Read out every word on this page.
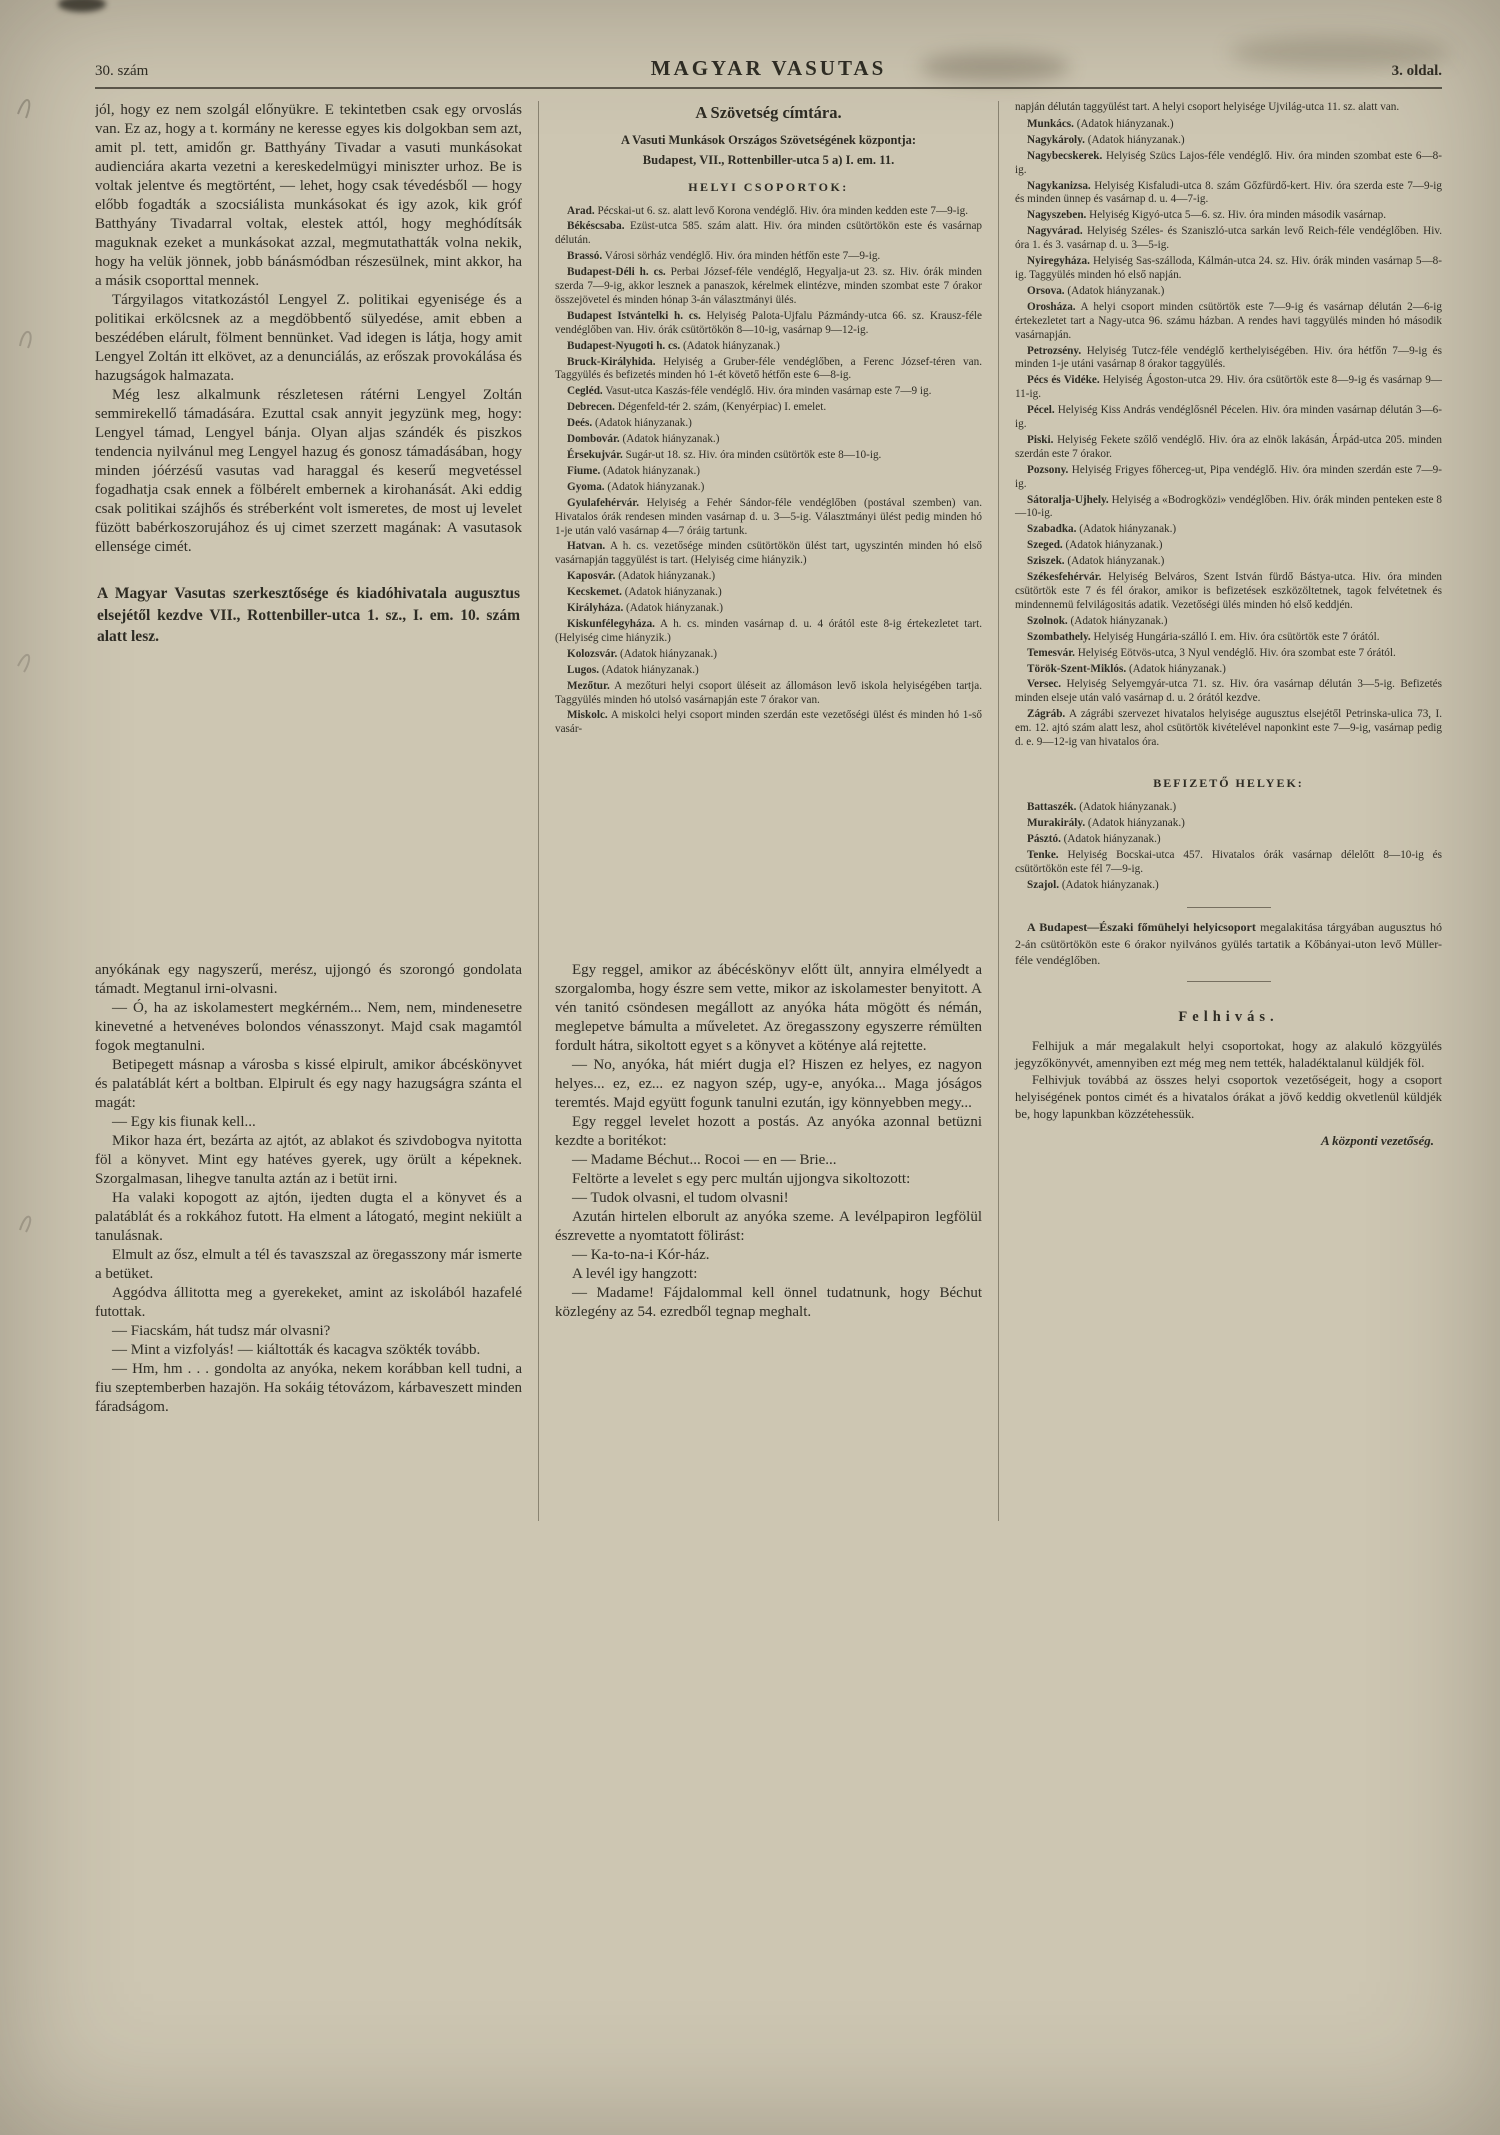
30. szám	MAGYAR VASUTAS	3. oldal.

jól, hogy ez nem szolgál előnyükre. E tekintetben csak egy orvoslás van. Ez az, hogy a t. kormány ne keresse egyes kis dolgokban sem azt, amit pl. tett, amidőn gr. Batthyány Tivadar a vasuti munkásokat audienciára akarta vezetni a kereskedelmügyi miniszter urhoz. Be is voltak jelentve és megtörtént, — lehet, hogy csak tévedésből — hogy előbb fogadták a szocsiálista munkásokat és igy azok, kik gróf Batthyány Tivadarral voltak, elestek attól, hogy meghódítsák maguknak ezeket a munkásokat azzal, megmutathatták volna nekik, hogy ha velük jönnek, jobb bánásmódban részesülnek, mint akkor, ha a másik csoporttal mennek.

Tárgyilagos vitatkozástól Lengyel Z. politikai egyenisége és a politikai erkölcsnek az a megdöbbentő sülyedése, amit ebben a beszédében elárult, fölment bennünket. Vad idegen is látja, hogy amit Lengyel Zoltán itt elkövet, az a denunciálás, az erőszak provokálása és hazugságok halmazata.

Még lesz alkalmunk részletesen rátérni Lengyel Zoltán semmirekellő támadására. Ezuttal csak annyit jegyzünk meg, hogy: Lengyel támad, Lengyel bánja. Olyan aljas szándék és piszkos tendencia nyilvánul meg Lengyel hazug és gonosz támadásában, hogy minden jóérzésű vasutas vad haraggal és keserű megvetéssel fogadhatja csak ennek a fölbérelt embernek a kirohanását. Aki eddig csak politikai szájhős és stréberként volt ismeretes, de most uj levelet füzött babérkoszorujához és uj cimet szerzett magának: A vasutasok ellensége cimét.

A Magyar Vasutas szerkesztősége és kiadóhivatala augusztus elsejétől kezdve VII., Rottenbiller-utca 1. sz., I. em. 10. szám alatt lesz.

anyókának egy nagyszerű, merész, ujjongó és szorongó gondolata támadt. Megtanul irni-olvasni.

— Ó, ha az iskolamestert megkérném... Nem, nem, mindenesetre kinevetné a hetvenéves bolondos vénasszonyt. Majd csak magamtól fogok megtanulni.

Betipegett másnap a városba s kissé elpirult, amikor ábcéskönyvet és palatáblát kért a boltban. Elpirult és egy nagy hazugságra szánta el magát:

— Egy kis fiunak kell...

Mikor haza ért, bezárta az ajtót, az ablakot és szivdobogva nyitotta föl a könyvet. Mint egy hatéves gyerek, ugy örült a képeknek. Szorgalmasan, lihegve tanulta aztán az i betüt irni.

Ha valaki kopogott az ajtón, ijedten dugta el a könyvet és a palatáblát és a rokkához futott. Ha elment a látogató, megint nekiült a tanulásnak.

Elmult az ősz, elmult a tél és tavaszszal az öregasszony már ismerte a betüket.

Aggódva állitotta meg a gyerekeket, amint az iskolából hazafelé futottak.

— Fiacskám, hát tudsz már olvasni?

— Mint a vizfolyás! — kiáltották és kacagva szökték tovább.

— Hm, hm . . . gondolta az anyóka, nekem korábban kell tudni, a fiu szeptemberben hazajön. Ha sokáig tétovázom, kárbaveszett minden fáradságom.

A Szövetség címtára.

A Vasuti Munkások Országos Szövetségének központja:

Budapest, VII., Rottenbiller-utca 5 a) I. em. 11.

HELYI CSOPORTOK:

Arad. Pécskai-ut 6. sz. alatt levő Korona vendéglő. Hiv. óra minden kedden este 7—9-ig.

Békéscsaba. Ezüst-utca 585. szám alatt. Hiv. óra minden csütörtökön este és vasárnap délután.

Brassó. Városi sörház vendéglő. Hiv. óra minden hétfőn este 7—9-ig.

Budapest-Déli h. cs. Perbai József-féle vendéglő, Hegyalja-ut 23. sz. Hiv. órák minden szerda 7—9-ig, akkor lesznek a panaszok, kérelmek elintézve, minden szombat este 7 órakor összejövetel és minden hónap 3-án választmányi ülés.

Budapest Istvántelki h. cs. Helyiség Palota-Ujfalu Pázmándy-utca 66. sz. Krausz-féle vendéglőben van. Hiv. órák csütörtökön 8—10-ig, vasárnap 9—12-ig.

Budapest-Nyugoti h. cs. (Adatok hiányzanak.)

Bruck-Királyhida. Helyiség a Gruber-féle vendéglőben, a Ferenc József-téren van. Taggyülés és befizetés minden hó 1-ét követő hétfőn este 6—8-ig.

Cegléd. Vasut-utca Kaszás-féle vendéglő. Hiv. óra minden vasárnap este 7—9 ig.

Debrecen. Dégenfeld-tér 2. szám, (Kenyérpiac) I. emelet.

Deés. (Adatok hiányzanak.)

Dombovár. (Adatok hiányzanak.)

Érsekujvár. Sugár-ut 18. sz. Hiv. óra minden csütörtök este 8—10-ig.

Fiume. (Adatok hiányzanak.)

Gyoma. (Adatok hiányzanak.)

Gyulafehérvár. Helyiség a Fehér Sándor-féle vendéglőben (postával szemben) van. Hivatalos órák rendesen minden vasárnap d. u. 3—5-ig. Választmányi ülést pedig minden hó 1-je után való vasárnap 4—7 óráig tartunk.

Hatvan. A h. cs. vezetősége minden csütörtökön ülést tart, ugyszintén minden hó első vasárnapján taggyülést is tart. (Helyiség cime hiányzik.)

Kaposvár. (Adatok hiányzanak.)

Kecskemet. (Adatok hiányzanak.)

Királyháza. (Adatok hiányzanak.)

Kiskunfélegyháza. A h. cs. minden vasárnap d. u. 4 órától este 8-ig értekezletet tart. (Helyiség cime hiányzik.)

Kolozsvár. (Adatok hiányzanak.)

Lugos. (Adatok hiányzanak.)

Mezőtur. A mezőturi helyi csoport üléseit az állomáson levő iskola helyiségében tartja. Taggyülés minden hó utolsó vasárnapján este 7 órakor van.

Miskolc. A miskolci helyi csoport minden szerdán este vezetőségi ülést és minden hó 1-ső vasár-

Egy reggel, amikor az ábécéskönyv előtt ült, annyira elmélyedt a szorgalomba, hogy észre sem vette, mikor az iskolamester benyitott. A vén tanitó csöndesen megállott az anyóka háta mögött és némán, meglepetve bámulta a műveletet. Az öregasszony egyszerre rémülten fordult hátra, sikoltott egyet s a könyvet a köténye alá rejtette.

— No, anyóka, hát miért dugja el? Hiszen ez helyes, ez nagyon helyes... ez, ez... ez nagyon szép, ugy-e, anyóka... Maga jóságos teremtés. Majd együtt fogunk tanulni ezután, igy könnyebben megy...

Egy reggel levelet hozott a postás. Az anyóka azonnal betüzni kezdte a boritékot:

— Madame Béchut... Rocoi — en — Brie...

Feltörte a levelet s egy perc multán ujjongva sikoltozott:

— Tudok olvasni, el tudom olvasni!

Azután hirtelen elborult az anyóka szeme. A levélpapiron legfölül észrevette a nyomtatott fölirást:

— Ka-to-na-i Kór-ház.

A levél igy hangzott:

— Madame! Fájdalommal kell önnel tudatnunk, hogy Béchut közlegény az 54. ezredből tegnap meghalt.

napján délután taggyülést tart. A helyi csoport helyisége Ujvilág-utca 11. sz. alatt van.

Munkács. (Adatok hiányzanak.)

Nagykároly. (Adatok hiányzanak.)

Nagybecskerek. Helyiség Szücs Lajos-féle vendéglő. Hiv. óra minden szombat este 6—8-ig.

Nagykanizsa. Helyiség Kisfaludi-utca 8. szám Gőzfürdő-kert. Hiv. óra szerda este 7—9-ig és minden ünnep és vasárnap d. u. 4—7-ig.

Nagyszeben. Helyiség Kigyó-utca 5—6. sz. Hiv. óra minden második vasárnap.

Nagyvárad. Helyiség Széles- és Szaniszló-utca sarkán levő Reich-féle vendéglőben. Hiv. óra 1. és 3. vasárnap d. u. 3—5-ig.

Nyiregyháza. Helyiség Sas-szálloda, Kálmán-utca 24. sz. Hiv. órák minden vasárnap 5—8-ig. Taggyülés minden hó első napján.

Orsova. (Adatok hiányzanak.)

Orosháza. A helyi csoport minden csütörtök este 7—9-ig és vasárnap délután 2—6-ig értekezletet tart a Nagy-utca 96. számu házban. A rendes havi taggyülés minden hó második vasárnapján.

Petrozsény. Helyiség Tutcz-féle vendéglő kerthelyiségében. Hiv. óra hétfőn 7—9-ig és minden 1-je utáni vasárnap 8 órakor taggyülés.

Pécs és Vidéke. Helyiség Ágoston-utca 29. Hiv. óra csütörtök este 8—9-ig és vasárnap 9—11-ig.

Pécel. Helyiség Kiss András vendéglősnél Pécelen. Hiv. óra minden vasárnap délután 3—6-ig.

Piski. Helyiség Fekete szőlő vendéglő. Hiv. óra az elnök lakásán, Árpád-utca 205. minden szerdán este 7 órakor.

Pozsony. Helyiség Frigyes főherceg-ut, Pipa vendéglő. Hiv. óra minden szerdán este 7—9-ig.

Sátoralja-Ujhely. Helyiség a «Bodrogközi» vendéglőben. Hiv. órák minden penteken este 8—10-ig.

Szabadka. (Adatok hiányzanak.)

Szeged. (Adatok hiányzanak.)

Sziszek. (Adatok hiányzanak.)

Székesfehérvár. Helyiség Belváros, Szent István fürdő Bástya-utca. Hiv. óra minden csütörtök este 7 és fél órakor, amikor is befizetések eszközöltetnek, tagok felvétetnek és mindennemü felvilágositás adatik. Vezetőségi ülés minden hó első keddjén.

Szolnok. (Adatok hiányzanak.)

Szombathely. Helyiség Hungária-szálló I. em. Hiv. óra csütörtök este 7 órától.

Temesvár. Helyiség Eötvös-utca, 3 Nyul vendéglő. Hiv. óra szombat este 7 órától.

Török-Szent-Miklós. (Adatok hiányzanak.)

Versec. Helyiség Selyemgyár-utca 71. sz. Hiv. óra vasárnap délután 3—5-ig. Befizetés minden elseje után való vasárnap d. u. 2 órától kezdve.

Zágráb. A zágrábi szervezet hivatalos helyisége augusztus elsejétől Petrinska-ulica 73, I. em. 12. ajtó szám alatt lesz, ahol csütörtök kivételével naponkint este 7—9-ig, vasárnap pedig d. e. 9—12-ig van hivatalos óra.

BEFIZETŐ HELYEK:

Battaszék. (Adatok hiányzanak.)

Murakirály. (Adatok hiányzanak.)

Pásztó. (Adatok hiányzanak.)

Tenke. Helyiség Bocskai-utca 457. Hivatalos órák vasárnap délelőtt 8—10-ig és csütörtökön este fél 7—9-ig.

Szajol. (Adatok hiányzanak.)

A Budapest—Északi főmühelyi helyicsoport megalakitása tárgyában augusztus hó 2-án csütörtökön este 6 órakor nyilvános gyülés tartatik a Kőbányai-uton levő Müller-féle vendéglőben.

Felhivás.

Felhijuk a már megalakult helyi csoportokat, hogy az alakuló közgyülés jegyzőkönyvét, amennyiben ezt még meg nem tették, haladéktalanul küldjék föl.

Felhivjuk továbbá az összes helyi csoportok vezetőségeit, hogy a csoport helyiségének pontos cimét és a hivatalos órákat a jövő keddig okvetlenül küldjék be, hogy lapunkban közzétehessük.

A központi vezetőség.
